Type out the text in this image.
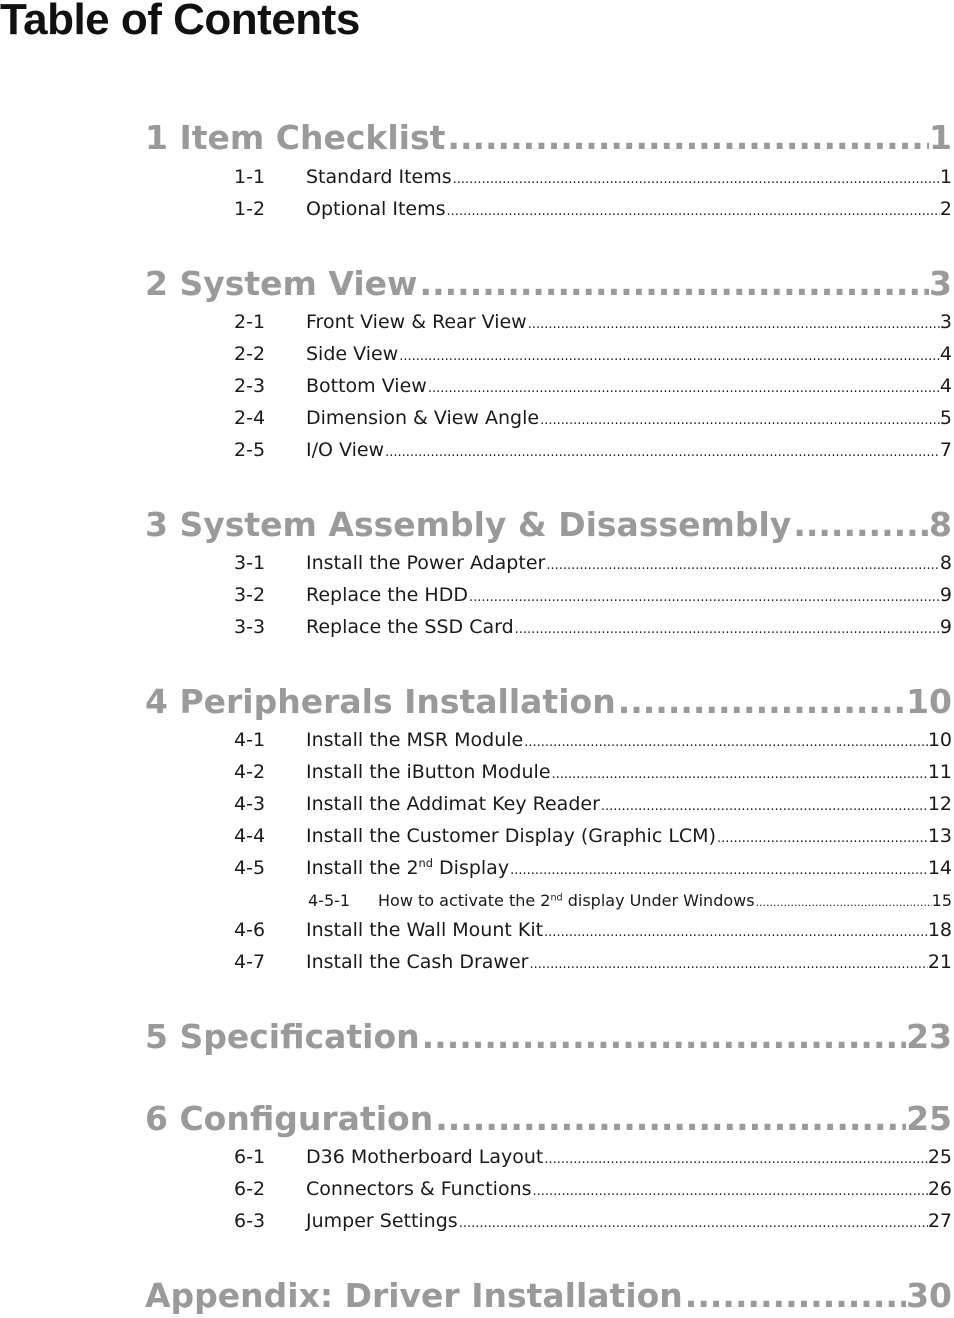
Table of Contents
1 Item Checklist .....	1
1-1	Standard Items .....	1
1-2	Optional Items .....	2
2 System View .....	3
2-1	Front View & Rear View .....	3
2-2	Side View .....	4
2-3	Bottom View .....	4
2-4	Dimension & View Angle .....	5
2-5	I/O View .....	7
3 System Assembly & Disassembly .....	8
3-1	Install the Power Adapter .....	8
3-2	Replace the HDD .....	9
3-3	Replace the SSD Card .....	9
4 Peripherals Installation .....	10
4-1	Install the MSR Module .....	10
4-2	Install the iButton Module .....	11
4-3	Install the Addimat Key Reader .....	12
4-4	Install the Customer Display (Graphic LCM) .....	13
4-5	Install the 2nd Display .....	14
4-5-1	How to activate the 2nd display Under Windows .....	15
4-6	Install the Wall Mount Kit .....	18
4-7	Install the Cash Drawer .....	21
5 Specification .....	23
6 Configuration .....	25
6-1	D36 Motherboard Layout .....	25
6-2	Connectors & Functions .....	26
6-3	Jumper Settings .....	27
Appendix: Driver Installation .....	30
